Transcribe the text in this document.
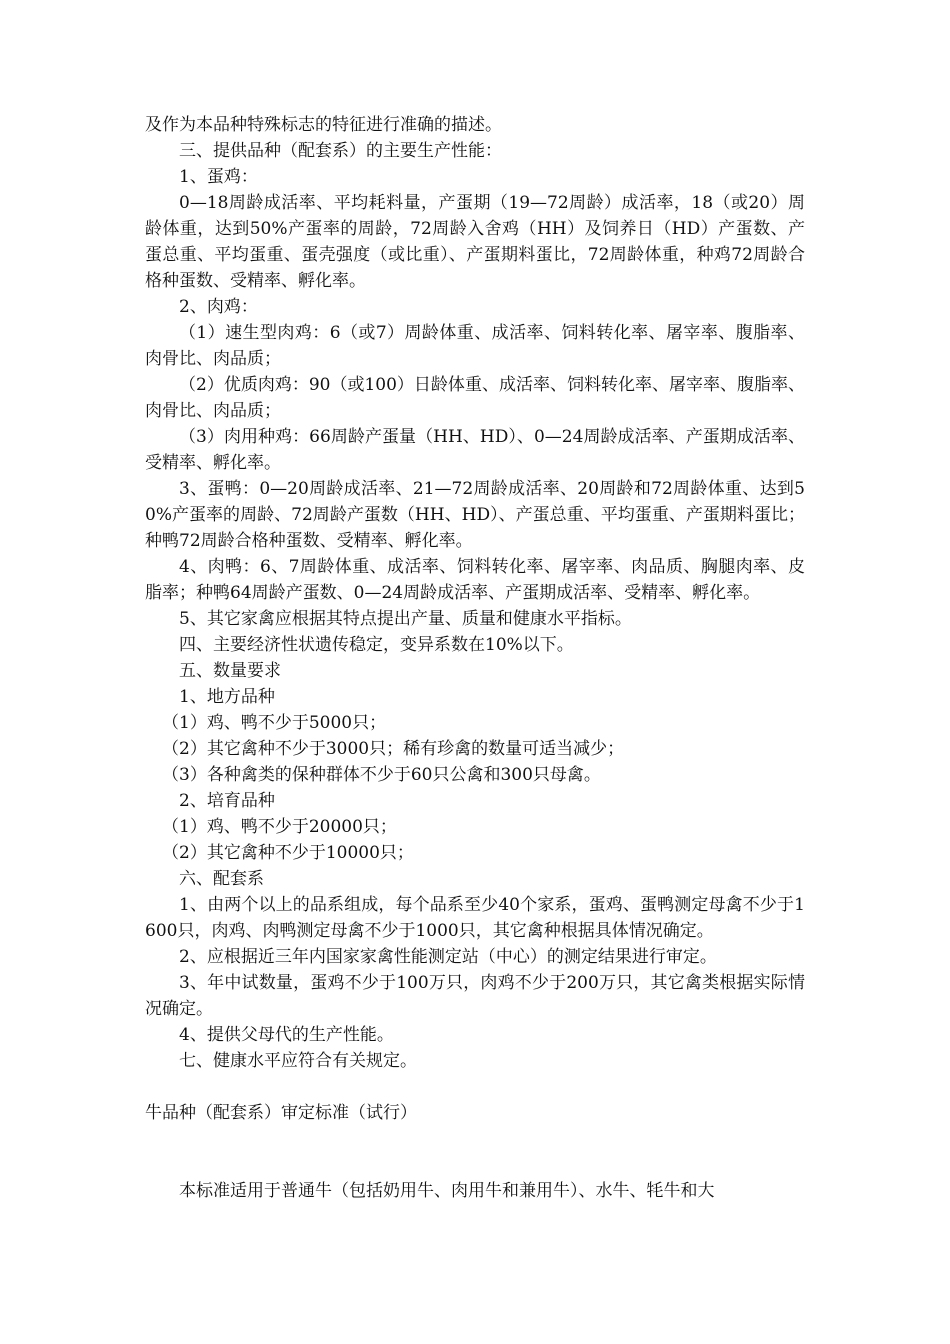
及作为本品种特殊标志的特征进行准确的描述。

三、提供品种（配套系）的主要生产性能：

1、蛋鸡：

0—18周龄成活率、平均耗料量，产蛋期（19—72周龄）成活率，18（或20）周龄体重，达到50%产蛋率的周龄，72周龄入舍鸡（HH）及饲养日（HD）产蛋数、产蛋总重、平均蛋重、蛋壳强度（或比重）、产蛋期料蛋比，72周龄体重，种鸡72周龄合格种蛋数、受精率、孵化率。

2、肉鸡：

（1）速生型肉鸡：6（或7）周龄体重、成活率、饲料转化率、屠宰率、腹脂率、肉骨比、肉品质；

（2）优质肉鸡：90（或100）日龄体重、成活率、饲料转化率、屠宰率、腹脂率、肉骨比、肉品质；

（3）肉用种鸡：66周龄产蛋量（HH、HD）、0—24周龄成活率、产蛋期成活率、受精率、孵化率。

3、蛋鸭：0—20周龄成活率、21—72周龄成活率、20周龄和72周龄体重、达到50%产蛋率的周龄、72周龄产蛋数（HH、HD）、产蛋总重、平均蛋重、产蛋期料蛋比；种鸭72周龄合格种蛋数、受精率、孵化率。

4、肉鸭：6、7周龄体重、成活率、饲料转化率、屠宰率、肉品质、胸腿肉率、皮脂率；种鸭64周龄产蛋数、0—24周龄成活率、产蛋期成活率、受精率、孵化率。

5、其它家禽应根据其特点提出产量、质量和健康水平指标。

四、主要经济性状遗传稳定，变异系数在10%以下。

五、数量要求

1、地方品种

（1）鸡、鸭不少于5000只；

（2）其它禽种不少于3000只；稀有珍禽的数量可适当减少；

（3）各种禽类的保种群体不少于60只公禽和300只母禽。

2、培育品种

（1）鸡、鸭不少于20000只；

（2）其它禽种不少于10000只；

六、配套系

1、由两个以上的品系组成，每个品系至少40个家系，蛋鸡、蛋鸭测定母禽不少于1600只，肉鸡、肉鸭测定母禽不少于1000只，其它禽种根据具体情况确定。

2、应根据近三年内国家家禽性能测定站（中心）的测定结果进行审定。

3、年中试数量，蛋鸡不少于100万只，肉鸡不少于200万只，其它禽类根据实际情况确定。

4、提供父母代的生产性能。

七、健康水平应符合有关规定。

牛品种（配套系）审定标准（试行）

本标准适用于普通牛（包括奶用牛、肉用牛和兼用牛）、水牛、牦牛和大
